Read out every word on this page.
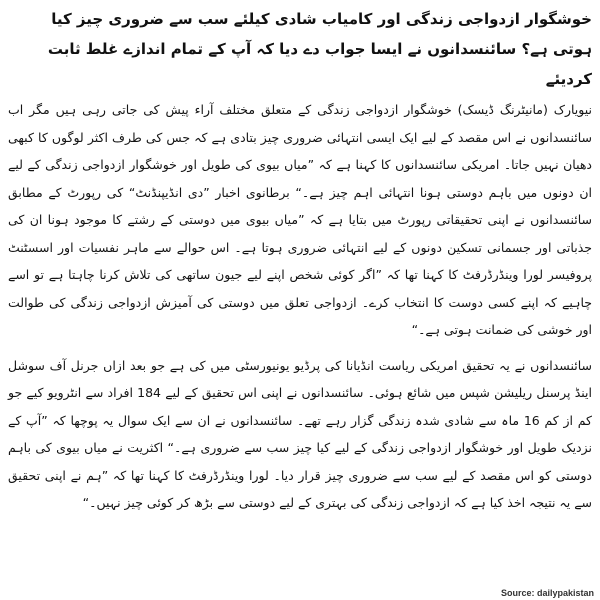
خوشگوار ازدواجی زندگی اور کامیاب شادی کیلئے سب سے ضروری چیز کیا ہوتی ہے؟ سائنسدانوں نے ایسا جواب دے دیا کہ آپ کے تمام اندازے غلط ثابت کردیئے

نیویارک (مانیٹرنگ ڈیسک) خوشگوار ازدواجی زندگی کے متعلق مختلف آراء پیش کی جاتی رہی ہیں مگر اب سائنسدانوں نے اس مقصد کے لیے ایک ایسی انتہائی ضروری چیز بتادی ہے کہ جس کی طرف اکثر لوگوں کا کبھی دھیان نہیں جاتا۔ امریکی سائنسدانوں کا کہنا ہے کہ ”میاں بیوی کی طویل اور خوشگوار ازدواجی زندگی کے لیے ان دونوں میں باہم دوستی ہونا انتہائی اہم چیز ہے۔“ برطانوی اخبار ”دی انڈیپنڈنٹ“ کی رپورٹ کے مطابق سائنسدانوں نے اپنی تحقیقاتی رپورٹ میں بتایا ہے کہ ”میاں بیوی میں دوستی کے رشتے کا موجود ہونا ان کی جذباتی اور جسمانی تسکین دونوں کے لیے انتہائی ضروری ہوتا ہے۔ اس حوالے سے ماہر نفسیات اور اسسٹنٹ پروفیسر لورا وینڈرڈرفٹ کا کہنا تھا کہ ”اگر کوئی شخص اپنے لیے جیون ساتھی کی تلاش کرنا چاہتا ہے تو اسے چاہیے کہ اپنے کسی دوست کا انتخاب کرے۔ ازدواجی تعلق میں دوستی کی آمیزش ازدواجی زندگی کی طوالت اور خوشی کی ضمانت ہوتی ہے۔“

سائنسدانوں نے یہ تحقیق امریکی ریاست انڈیانا کی پرڈیو یونیورسٹی میں کی ہے جو بعد ازاں جرنل آف سوشل اینڈ پرسنل ریلیشن شپس میں شائع ہوئی۔ سائنسدانوں نے اپنی اس تحقیق کے لیے 184 افراد سے انٹرویو کیے جو کم از کم 16 ماہ سے شادی شدہ زندگی گزار رہے تھے۔ سائنسدانوں نے ان سے ایک سوال یہ پوچھا کہ ”آپ کے نزدیک طویل اور خوشگوار ازدواجی زندگی کے لیے کیا چیز سب سے ضروری ہے۔“ اکثریت نے میاں بیوی کی باہم دوستی کو اس مقصد کے لیے سب سے ضروری چیز قرار دیا۔ لورا وینڈرڈرفٹ کا کہنا تھا کہ ”ہم نے اپنی تحقیق سے یہ نتیجہ اخذ کیا ہے کہ ازدواجی زندگی کی بہتری کے لیے دوستی سے بڑھ کر کوئی چیز نہیں۔“

Source: dailypakistan
